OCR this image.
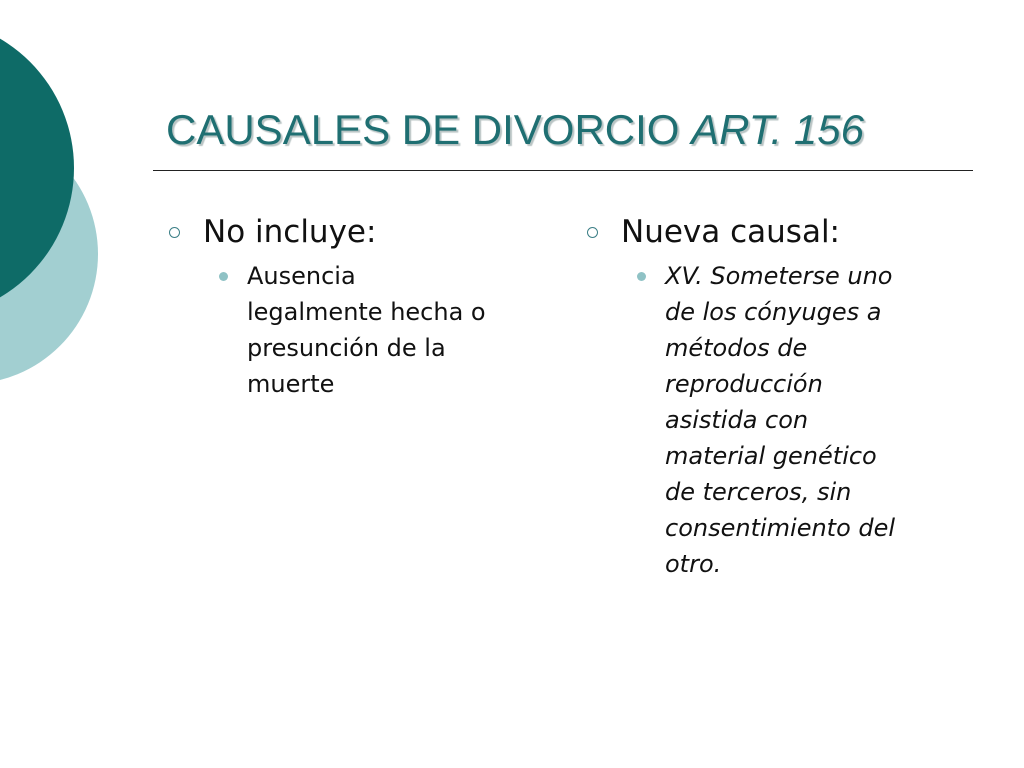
CAUSALES DE DIVORCIO ART. 156
No incluye:
Ausencia
legalmente hecha o
presunción de la
muerte
Nueva causal:
XV. Someterse uno
de los cónyuges a
métodos de
reproducción
asistida con
material genético
de terceros, sin
consentimiento del
otro.
